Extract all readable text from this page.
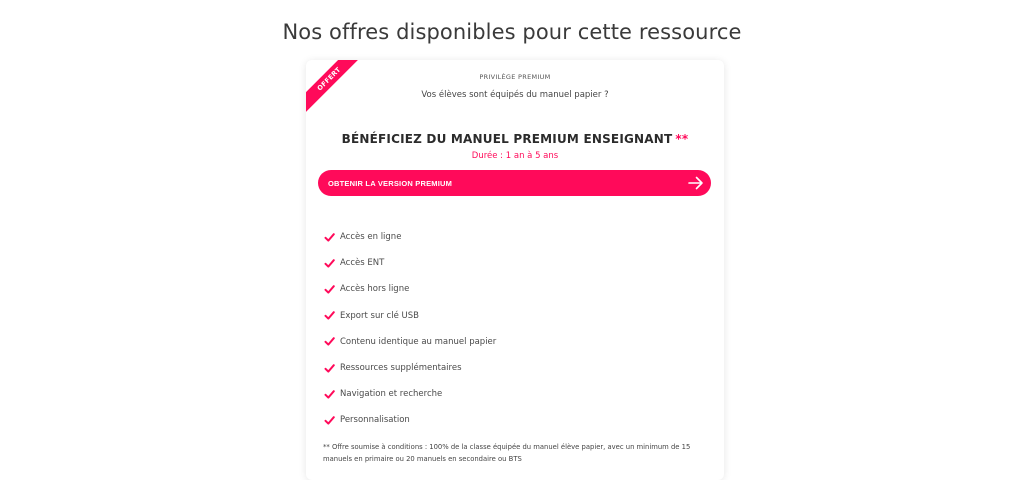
Nos offres disponibles pour cette ressource
OFFERT	PRIVILÈGE PREMIUM
Vos élèves sont équipés du manuel papier ?
BÉNÉFICIEZ DU MANUEL PREMIUM ENSEIGNANT **
Durée : 1 an à 5 ans
OBTENIR LA VERSION PREMIUM
Accès en ligne
Accès ENT
Accès hors ligne
Export sur clé USB
Contenu identique au manuel papier
Ressources supplémentaires
Navigation et recherche
Personnalisation
** Offre soumise à conditions : 100% de la classe équipée du manuel élève papier, avec un minimum de 15 manuels en primaire ou 20 manuels en secondaire ou BTS
